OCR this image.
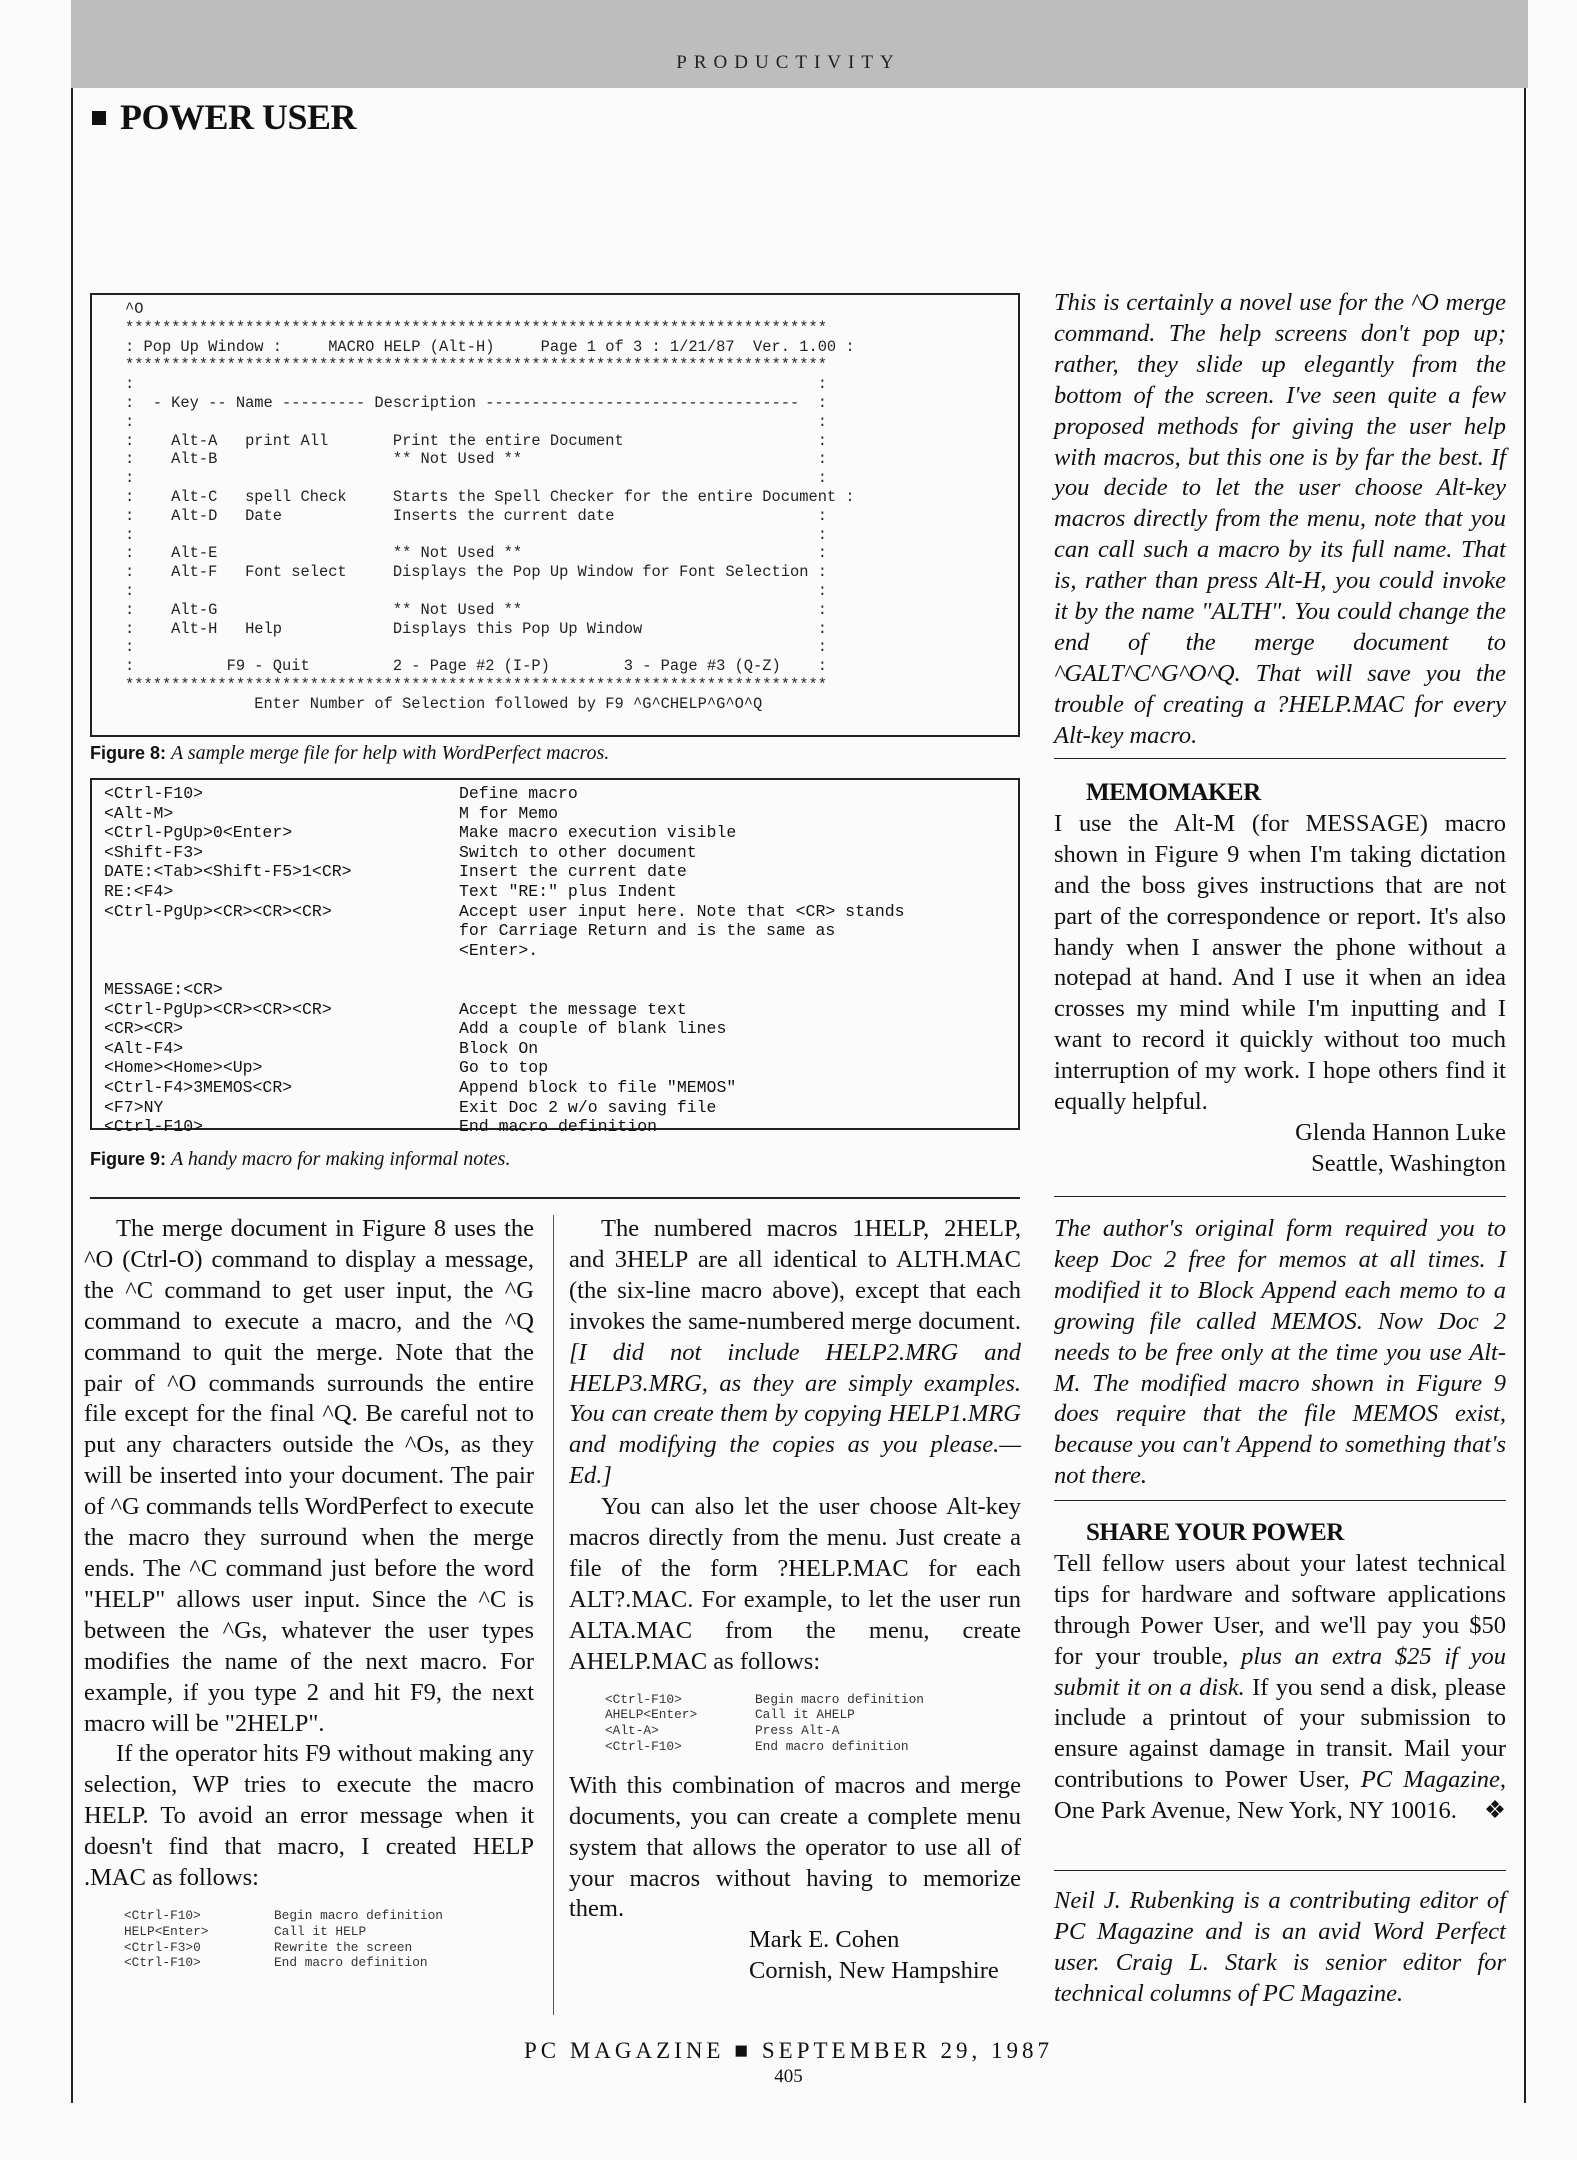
PRODUCTIVITY
POWER USER
^O
****************************************************************************
: Pop Up Window :     MACRO HELP (Alt-H)     Page 1 of 3 : 1/21/87  Ver. 1.00 :
****************************************************************************
:                                                                          :
:  - Key -- Name --------- Description ----------------------------------  :
:                                                                          :
:    Alt-A   print All       Print the entire Document                     :
:    Alt-B                   ** Not Used **                                :
:                                                                          :
:    Alt-C   spell Check     Starts the Spell Checker for the entire Document :
:    Alt-D   Date            Inserts the current date                      :
:                                                                          :
:    Alt-E                   ** Not Used **                                :
:    Alt-F   Font select     Displays the Pop Up Window for Font Selection :
:                                                                          :
:    Alt-G                   ** Not Used **                                :
:    Alt-H   Help            Displays this Pop Up Window                   :
:                                                                          :
:          F9 - Quit         2 - Page #2 (I-P)        3 - Page #3 (Q-Z)    :
****************************************************************************
Enter Number of Selection followed by F9 ^G^CHELP^G^O^Q
Figure 8: A sample merge file for help with WordPerfect macros.
<Ctrl-F10>	Define macro
<Alt-M>	M for Memo
<Ctrl-PgUp>0<Enter>	Make macro execution visible
<Shift-F3>	Switch to other document
DATE:<Tab><Shift-F5>1<CR>	Insert the current date
RE:<F4>	Text "RE:" plus Indent
<Ctrl-PgUp><CR><CR><CR>	Accept user input here. Note that <CR> stands
for Carriage Return and is the same as
<Enter>.
MESSAGE:<CR>
<Ctrl-PgUp><CR><CR><CR>	Accept the message text
<CR><CR>	Add a couple of blank lines
<Alt-F4>	Block On
<Home><Home><Up>	Go to top
<Ctrl-F4>3MEMOS<CR>	Append block to file "MEMOS"
<F7>NY	Exit Doc 2 w/o saving file
<Ctrl-F10>	End macro definition
Figure 9: A handy macro for making informal notes.

The merge document in Figure 8 uses the ^O (Ctrl-O) command to display a message, the ^C command to get user input, the ^G command to execute a macro, and the ^Q command to quit the merge. Note that the pair of ^O commands surrounds the entire file except for the final ^Q. Be careful not to put any characters outside the ^Os, as they will be inserted into your document. The pair of ^G commands tells WordPerfect to execute the macro they surround when the merge ends. The ^C command just before the word "HELP" allows user input. Since the ^C is between the ^Gs, whatever the user types modifies the name of the next macro. For example, if you type 2 and hit F9, the next macro will be "2HELP".

If the operator hits F9 without making any selection, WP tries to execute the macro HELP. To avoid an error message when it doesn't find that macro, I created HELP .MAC as follows:

<Ctrl-F10>	Begin macro definition
HELP<Enter>	Call it HELP
<Ctrl-F3>0	Rewrite the screen
<Ctrl-F10>	End macro definition

The numbered macros 1HELP, 2HELP, and 3HELP are all identical to ALTH.MAC (the six-line macro above), except that each invokes the same-numbered merge document. [I did not include HELP2.MRG and HELP3.MRG, as they are simply examples. You can create them by copying HELP1.MRG and modifying the copies as you please.—Ed.]

You can also let the user choose Alt-key macros directly from the menu. Just create a file of the form ?HELP.MAC for each ALT?.MAC. For example, to let the user run ALTA.MAC from the menu, create AHELP.MAC as follows:

<Ctrl-F10>	Begin macro definition
AHELP<Enter>	Call it AHELP
<Alt-A>	Press Alt-A
<Ctrl-F10>	End macro definition

With this combination of macros and merge documents, you can create a complete menu system that allows the operator to use all of your macros without having to memorize them.

Mark E. Cohen

Cornish, New Hampshire

This is certainly a novel use for the ^O merge command. The help screens don't pop up; rather, they slide up elegantly from the bottom of the screen. I've seen quite a few proposed methods for giving the user help with macros, but this one is by far the best. If you decide to let the user choose Alt-key macros directly from the menu, note that you can call such a macro by its full name. That is, rather than press Alt-H, you could invoke it by the name "ALTH". You could change the end of the merge document to ^GALT^C^G^O^Q. That will save you the trouble of creating a ?HELP.MAC for every Alt-key macro.

MEMOMAKER

I use the Alt-M (for MESSAGE) macro shown in Figure 9 when I'm taking dictation and the boss gives instructions that are not part of the correspondence or report. It's also handy when I answer the phone without a notepad at hand. And I use it when an idea crosses my mind while I'm inputting and I want to record it quickly without too much interruption of my work. I hope others find it equally helpful.

Glenda Hannon Luke

Seattle, Washington

The author's original form required you to keep Doc 2 free for memos at all times. I modified it to Block Append each memo to a growing file called MEMOS. Now Doc 2 needs to be free only at the time you use Alt-M. The modified macro shown in Figure 9 does require that the file MEMOS exist, because you can't Append to something that's not there.

SHARE YOUR POWER

Tell fellow users about your latest technical tips for hardware and software applications through Power User, and we'll pay you $50 for your trouble, plus an extra $25 if you submit it on a disk. If you send a disk, please include a printout of your submission to ensure against damage in transit. Mail your contributions to Power User, PC Magazine, One Park Avenue, New York, NY 10016. ❖

Neil J. Rubenking is a contributing editor of PC Magazine and is an avid Word Perfect user. Craig L. Stark is senior editor for technical columns of PC Magazine.

PC MAGAZINE ■ SEPTEMBER 29, 1987
405
